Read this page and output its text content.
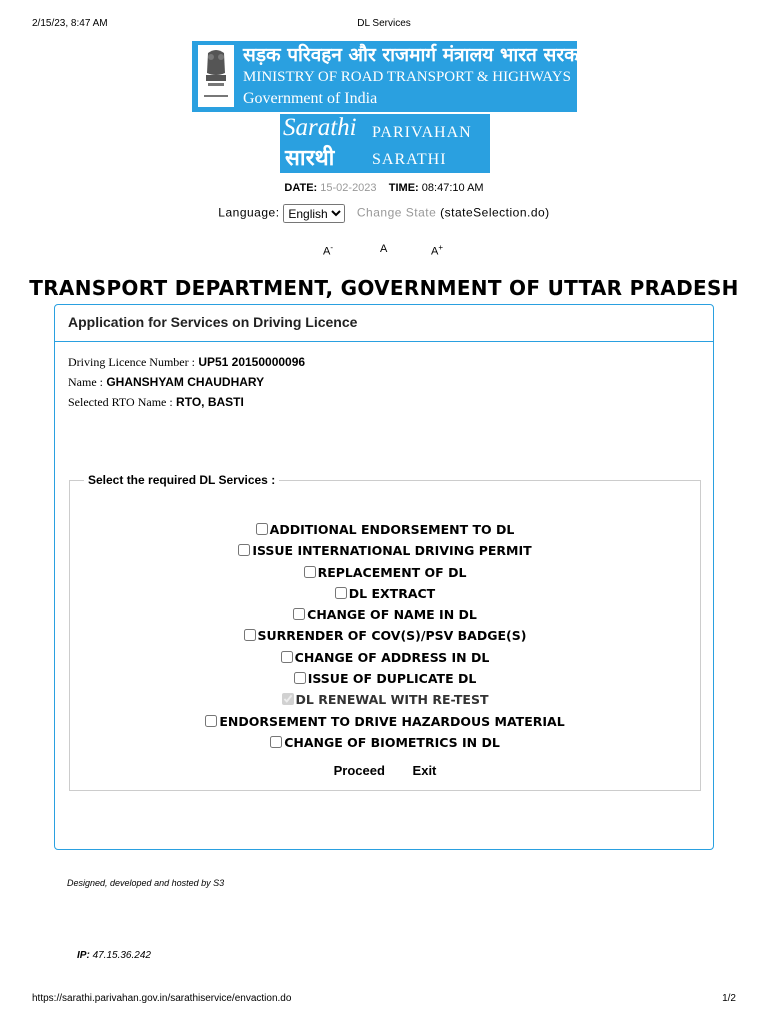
2/15/23, 8:47 AM	DL Services
सड़क परिवहन और राजमार्ग मंत्रालय भारत सरकार
MINISTRY OF ROAD TRANSPORT & HIGHWAYS
Government of India
Sarathi
सारथी
PARIVAHAN
SARATHI
DATE: 15-02-2023 TIME: 08:47:10 AM
Language:
English	Change State (stateSelection.do)
A-	A	A+
TRANSPORT DEPARTMENT, GOVERNMENT OF UTTAR PRADESH
Application for Services on Driving Licence
Driving Licence Number : UP51 20150000096
Name : GHANSHYAM CHAUDHARY
Selected RTO Name : RTO, BASTI
Select the required DL Services :
ADDITIONAL ENDORSEMENT TO DL
ISSUE INTERNATIONAL DRIVING PERMIT
REPLACEMENT OF DL
DL EXTRACT
CHANGE OF NAME IN DL
SURRENDER OF COV(S)/PSV BADGE(S)
CHANGE OF ADDRESS IN DL
ISSUE OF DUPLICATE DL
DL RENEWAL WITH RE-TEST
ENDORSEMENT TO DRIVE HAZARDOUS MATERIAL
CHANGE OF BIOMETRICS IN DL
Proceed Exit
Designed, developed and hosted by S3
IP: 47.15.36.242
https://sarathi.parivahan.gov.in/sarathiservice/envaction.do	1/2
